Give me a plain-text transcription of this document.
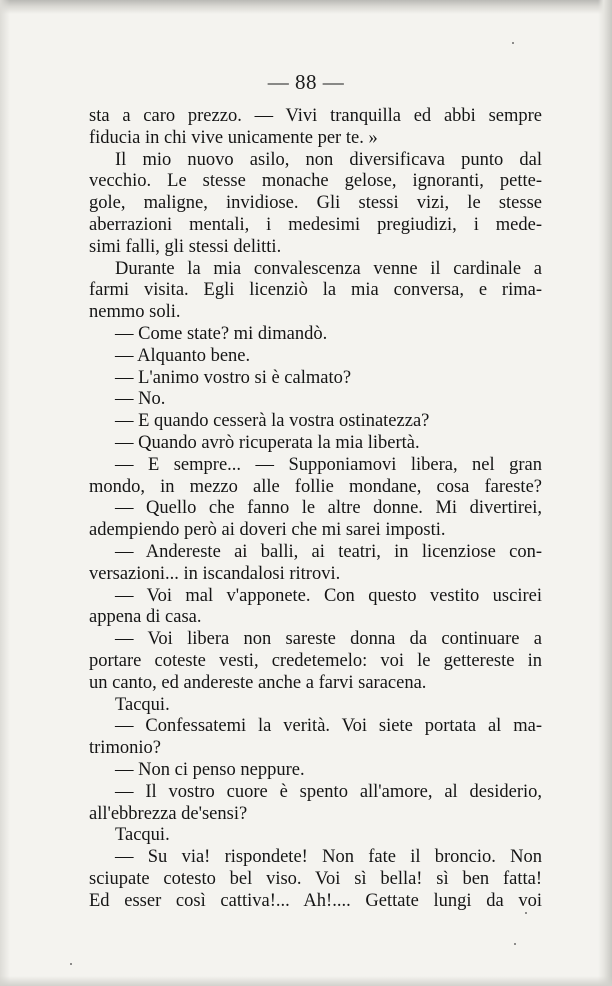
— 88 —
sta a caro prezzo. — Vivi tranquilla ed abbi sempre
fiducia in chi vive unicamente per te. »
Il mio nuovo asilo, non diversificava punto dal
vecchio. Le stesse monache gelose, ignoranti, pette-
gole, maligne, invidiose. Gli stessi vizi, le stesse
aberrazioni mentali, i medesimi pregiudizi, i mede-
simi falli, gli stessi delitti.
Durante la mia convalescenza venne il cardinale a
farmi visita. Egli licenziò la mia conversa, e rima-
nemmo soli.
— Come state? mi dimandò.
— Alquanto bene.
— L'animo vostro si è calmato?
— No.
— E quando cesserà la vostra ostinatezza?
— Quando avrò ricuperata la mia libertà.
— E sempre... — Supponiamovi libera, nel gran
mondo, in mezzo alle follie mondane, cosa fareste?
— Quello che fanno le altre donne. Mi divertirei,
adempiendo però ai doveri che mi sarei imposti.
— Andereste ai balli, ai teatri, in licenziose con-
versazioni... in iscandalosi ritrovi.
— Voi mal v'apponete. Con questo vestito uscirei
appena di casa.
— Voi libera non sareste donna da continuare a
portare coteste vesti, credetemelo: voi le gettereste in
un canto, ed andereste anche a farvi saracena.
Tacqui.
— Confessatemi la verità. Voi siete portata al ma-
trimonio?
— Non ci penso neppure.
— Il vostro cuore è spento all'amore, al desiderio,
all'ebbrezza de'sensi?
Tacqui.
— Su via! rispondete! Non fate il broncio. Non
sciupate cotesto bel viso. Voi sì bella! sì ben fatta!
Ed esser così cattiva!... Ah!.... Gettate lungi da voi
